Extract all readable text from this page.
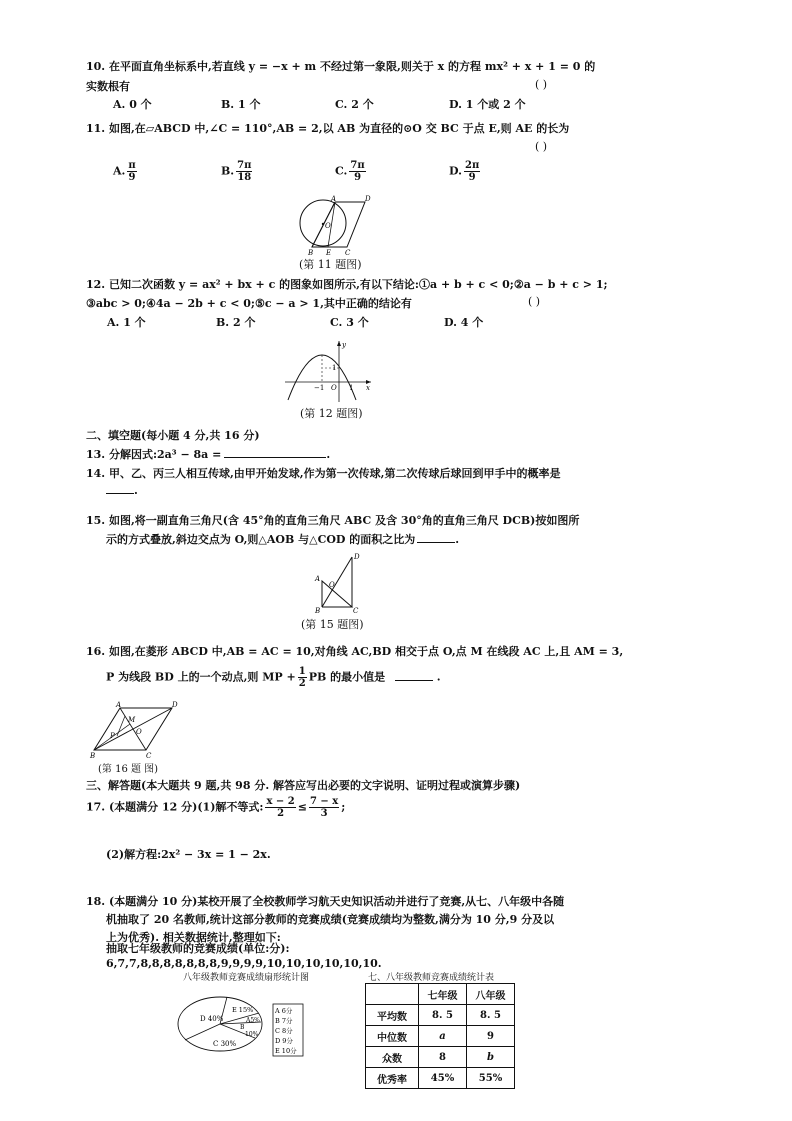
10. 在平面直角坐标系中,若直线 y = −x + m 不经过第一象限,则关于 x 的方程 mx² + x + 1 = 0 的
实数根有	( )
A. 0 个	B. 1 个	C. 2 个	D. 1 个或 2 个
11. 如图,在▱ABCD 中,∠C = 110°,AB = 2,以 AB 为直径的⊙O 交 BC 于点 E,则 AE 的长为
( )
A. $\frac{\pi}{9}$	B. $\frac{7\pi}{18}$	C. $\frac{7\pi}{9}$	D. $\frac{2\pi}{9}$
A	D
O
B E C
(第 11 题图)
12. 已知二次函数 y = ax² + bx + c 的图象如图所示,有以下结论:①a + b + c < 0;②a − b + c > 1;
③abc > 0;④4a − 2b + c < 0;⑤c − a > 1,其中正确的结论有	( )
A. 1 个	B. 2 个	C. 3 个	D. 4 个
y
x
O 1
−1
1
(第 12 题图)
二、填空题(每小题 4 分,共 16 分)
13. 分解因式:2a³ − 8a =	.
14. 甲、乙、丙三人相互传球,由甲开始发球,作为第一次传球,第二次传球后球回到甲手中的概率是
.
15. 如图,将一副直角三角尺(含 45°角的直角三角尺 ABC 及含 30°角的直角三角尺 DCB)按如图所
示的方式叠放,斜边交点为 O,则△AOB 与△COD 的面积之比为	.
A
D
O
B	C
(第 15 题图)
16. 如图,在菱形 ABCD 中,AB = AC = 10,对角线 AC,BD 相交于点 O,点 M 在线段 AC 上,且 AM = 3,
P 为线段 BD 上的一个动点,则 MP + $\frac{1}{2}$ PB 的最小值是	.
A	D
M
O
P
B	C
(第 16 题 图)
三、解答题(本大题共 9 题,共 98 分. 解答应写出必要的文字说明、证明过程或演算步骤)
17. (本题满分 12 分)(1)解不等式: $\frac{x - 2}{2} \le \frac{7 - x}{3}$ ;
(2)解方程:2x² − 3x = 1 − 2x.
18. (本题满分 10 分)某校开展了全校教师学习航天史知识活动并进行了竞赛,从七、八年级中各随
机抽取了 20 名教师,统计这部分教师的竞赛成绩(竞赛成绩均为整数,满分为 10 分,9 分及以
上为优秀). 相关数据统计,整理如下:
抽取七年级教师的竞赛成绩(单位:分):
6,7,7,8,8,8,8,8,8,8,9,9,9,9,10,10,10,10,10,10.
八年级教师竞赛成绩扇形统计图	七、八年级教师竞赛成绩统计表
D 40%
E 15%
A5%
B
10%
C 30%
A 6分
B 7分
C 8分
D 9分
E 10分
	七年级	八年级
平均数	8. 5	8. 5
中位数	a	9
众数	8	b
优秀率	45%	55%
